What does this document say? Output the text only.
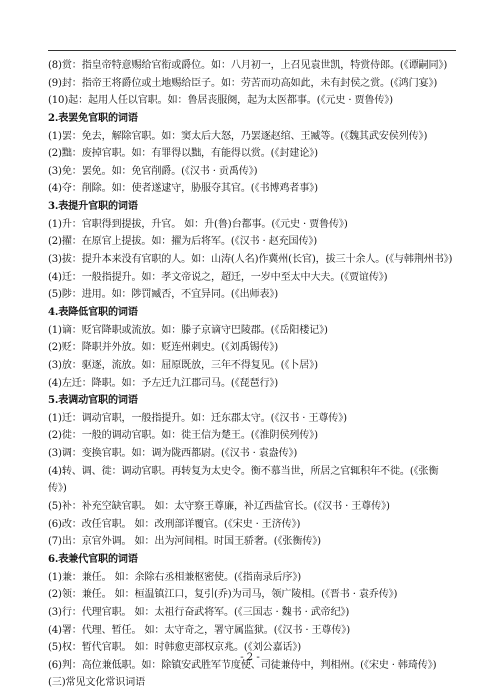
(8)赏：指皇帝特意赐给官衔或爵位。如：八月初一，上召见袁世凯，特赏侍郎。(《谭嗣同》)
(9)封：指帝王将爵位或土地赐给臣子。如：劳苦而功高如此，未有封侯之赏。(《鸿门宴》)
(10)起：起用人任以官职。如：鲁居丧服阕，起为太医都事。(《元史 · 贾鲁传》)
2.表罢免官职的词语
(1)罢：免去，解除官职。如：窦太后大怒，乃罢逐赵绾、王臧等。(《魏其武安侯列传》)
(2)黜：废掉官职。如：有罪得以黜，有能得以赏。(《封建论》)
(3)免：罢免。如：免官削爵。(《汉书 · 贡禹传》)
(4)夺：削除。如：使者遂逮守，胁服夺其官。(《书博鸡者事》)
3.表提升官职的词语
(1)升：官职得到提拔，升官。 如：升(鲁)台都事。(《元史 · 贾鲁传》)
(2)擢：在原官上提拔。如：擢为后将军。(《汉书 · 赵充国传》)
(3)拔：提升本来没有官职的人。如：山涛(人名)作冀州(长官)，拔三十余人。(《与韩荆州书》)
(4)迁：一般指提升。如：孝文帝说之，超迁，一岁中至太中大夫。(《贾谊传》)
(5)陟：进用。如：陟罚臧否，不宜异同。(《出师表》)
4.表降低官职的词语
(1)谪：贬官降职或流放。如：滕子京谪守巴陵郡。(《岳阳楼记》)
(2)贬：降职并外放。如：贬连州刺史。(《刘禹锡传》)
(3)放：驱逐，流放。如：屈原既放，三年不得复见。(《卜居》)
(4)左迁：降职。如：予左迁九江郡司马。(《琵琶行》)
5.表调动官职的词语
(1)迁：调动官职，一般指提升。如：迁东郡太守。(《汉书 · 王尊传》)
(2)徙：一般的调动官职。如：徙王信为楚王。(《淮阴侯列传》)
(3)调：变换官职。如：调为陇西都尉。(《汉书 · 袁盎传》)
(4)转、调、徙：调动官职。再转复为太史令。衡不慕当世，所居之官辄积年不徙。(《张衡传》)
(5)补：补充空缺官职。 如：太守察王尊廉，补辽西盐官长。(《汉书 · 王尊传》)
(6)改：改任官职。 如：改刑部详覆官。(《宋史 · 王济传》)
(7)出：京官外调。 如：出为河间相。时国王骄奢。(《张衡传》)
6.表兼代官职的词语
(1)兼：兼任。 如：余除右丞相兼枢密使。(《指南录后序》)
(2)领：兼任。 如：桓温镇江口，复引(乔)为司马，领广陵相。(《晋书 · 袁乔传》)
(3)行：代理官职。 如：太祖行奋武将军。(《三国志 · 魏书 · 武帝纪》)
(4)署：代理、暂任。 如：太守奇之，署守属监狱。(《汉书 · 王尊传》)
(5)权：暂代官职。 如：时韩愈吏部权京兆。(《刘公嘉话》)
(6)判：高位兼低职。如：除镇安武胜军节度使、司徒兼侍中，判相州。(《宋史 · 韩琦传》)
(三)常见文化常识词语
- 2 -
